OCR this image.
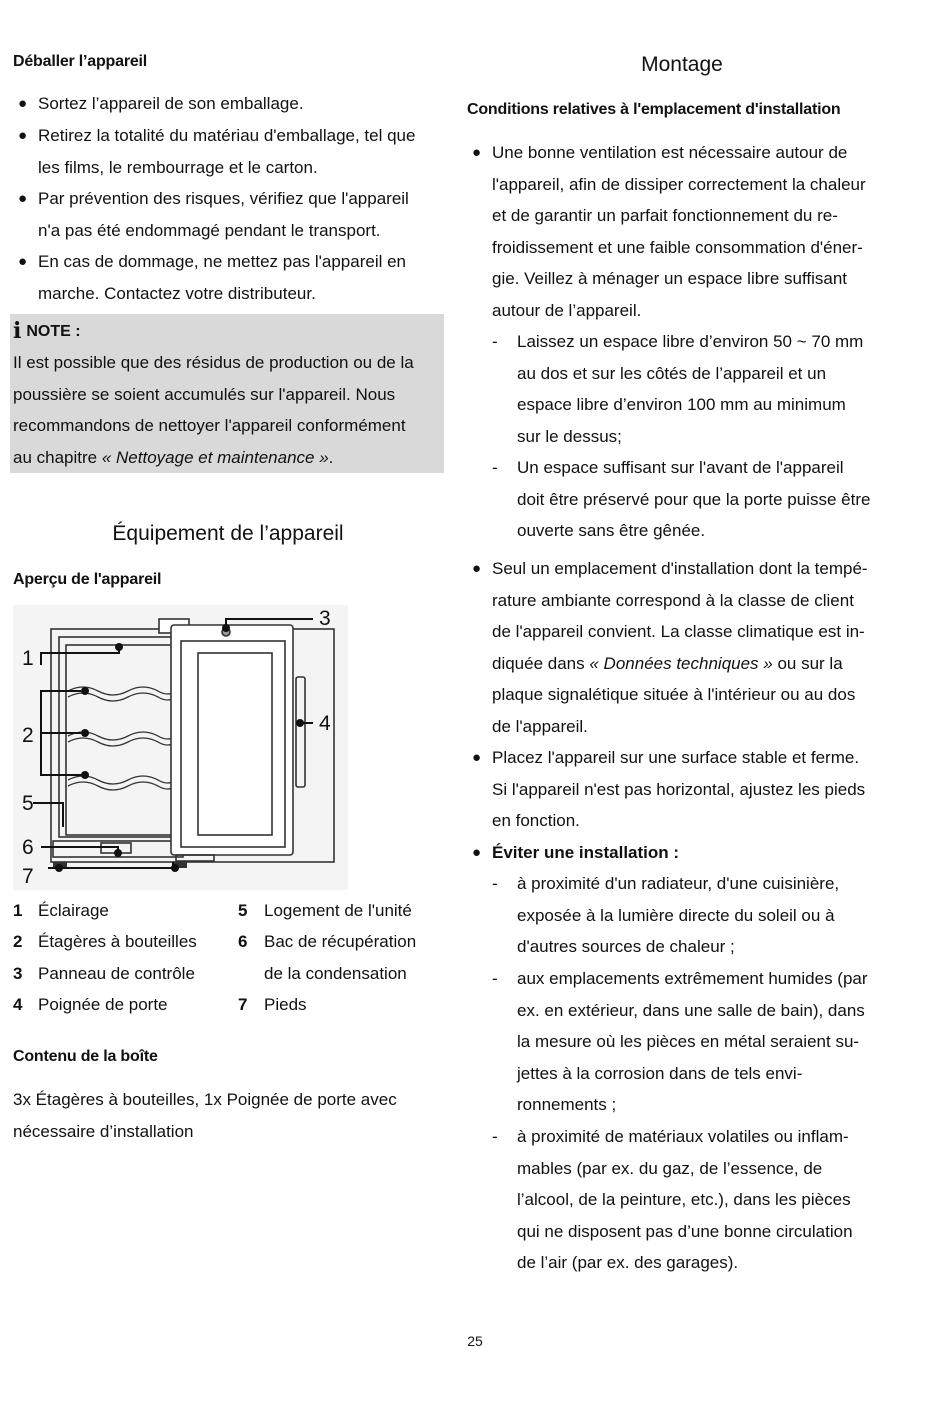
Déballer l’appareil
● Sortez l’appareil de son emballage.
● Retirez la totalité du matériau d'emballage, tel que
les films, le rembourrage et le carton.
● Par prévention des risques, vérifiez que l'appareil
n'a pas été endommagé pendant le transport.
● En cas de dommage, ne mettez pas l'appareil en
marche. Contactez votre distributeur.
i NOTE :
Il est possible que des résidus de production ou de la
poussière se soient accumulés sur l'appareil. Nous
recommandons de nettoyer l'appareil conformément
au chapitre « Nettoyage et maintenance ».
Équipement de l’appareil
Aperçu de l'appareil
1
2
3
4
5
6
7
1 Éclairage
2 Étagères à bouteilles
3 Panneau de contrôle
4 Poignée de porte
5 Logement de l'unité
6 Bac de récupération
de la condensation
7 Pieds
Contenu de la boîte
3x Étagères à bouteilles, 1x Poignée de porte avec
nécessaire d’installation
Montage
Conditions relatives à l'emplacement d'installation
● Une bonne ventilation est nécessaire autour de
l'appareil, afin de dissiper correctement la chaleur
et de garantir un parfait fonctionnement du re-
froidissement et une faible consommation d'éner-
gie. Veillez à ménager un espace libre suffisant
autour de l’appareil.
- Laissez un espace libre d’environ 50 ~ 70 mm
au dos et sur les côtés de l’appareil et un
espace libre d’environ 100 mm au minimum
sur le dessus;
- Un espace suffisant sur l'avant de l'appareil
doit être préservé pour que la porte puisse être
ouverte sans être gênée.
● Seul un emplacement d'installation dont la tempé-
rature ambiante correspond à la classe de client
de l'appareil convient. La classe climatique est in-
diquée dans « Données techniques » ou sur la
plaque signalétique située à l'intérieur ou au dos
de l'appareil.
● Placez l'appareil sur une surface stable et ferme.
Si l'appareil n'est pas horizontal, ajustez les pieds
en fonction.
● Éviter une installation :
- à proximité d'un radiateur, d'une cuisinière,
exposée à la lumière directe du soleil ou à
d'autres sources de chaleur ;
- aux emplacements extrêmement humides (par
ex. en extérieur, dans une salle de bain), dans
la mesure où les pièces en métal seraient su-
jettes à la corrosion dans de tels envi-
ronnements ;
- à proximité de matériaux volatiles ou inflam-
mables (par ex. du gaz, de l’essence, de
l’alcool, de la peinture, etc.), dans les pièces
qui ne disposent pas d’une bonne circulation
de l’air (par ex. des garages).
25
